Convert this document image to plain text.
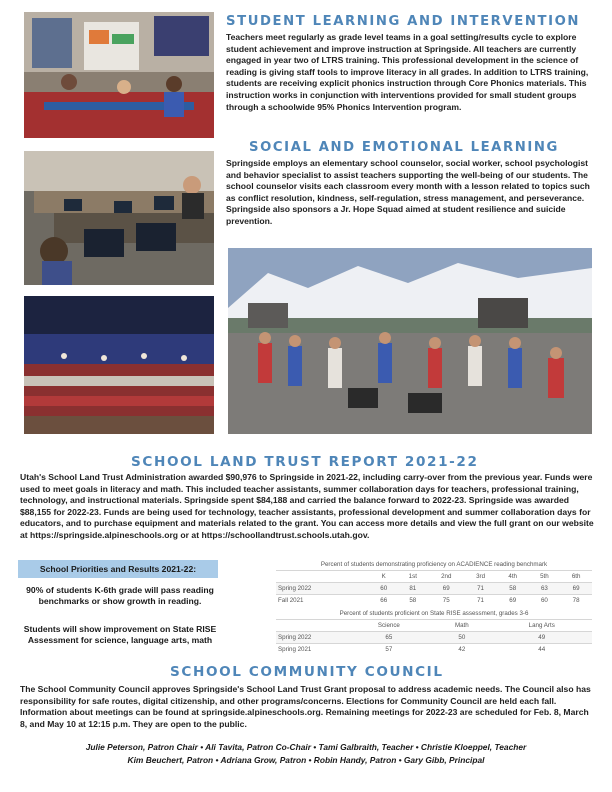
STUDENT LEARNING AND INTERVENTION
Teachers meet regularly as grade level teams in a goal setting/results cycle to explore student achievement and improve instruction at Springside. All teachers are currently engaged in year two of LTRS training. This professional development in the science of reading is giving staff tools to improve literacy in all grades. In addition to LTRS training, students are receiving explicit phonics instruction through Core Phonics materials. This instruction works in conjunction with interventions provided for small student groups through a schoolwide 95% Phonics Intervention program.
SOCIAL AND EMOTIONAL LEARNING
Springside employs an elementary school counselor, social worker, school psychologist and behavior specialist to assist teachers supporting the well-being of our students. The school counselor visits each classroom every month with a lesson related to topics such as conflict resolution, kindness, self-regulation, stress management, and perseverance. Springside also sponsors a Jr. Hope Squad aimed at student resilience and suicide prevention.
SCHOOL LAND TRUST REPORT 2021-22
Utah's School Land Trust Administration awarded $90,976 to Springside in 2021-22, including carry-over from the previous year. Funds were used to meet goals in literacy and math. This included teacher assistants, summer collaboration days for teachers, professional training, technology, and instructional materials. Springside spent $84,188 and carried the balance forward to 2022-23. Springside was awarded $88,155 for 2022-23. Funds are being used for technology, teacher assistants, professional development and summer collaboration days for educators, and to purchase equipment and materials related to the grant. You can access more details and view the full grant on our website at https://springside.alpineschools.org or at https://schoollandtrust.schools.utah.gov.
School Priorities and Results 2021-22:
90% of students K-6th grade will pass reading benchmarks or show growth in reading.
Students will show improvement on State RISE Assessment for science, language arts, math
Percent of students demonstrating proficiency on ACADIENCE reading benchmark
	K	1st	2nd	3rd	4th	5th	6th
Spring 2022	60	81	69	71	58	63	69
Fall 2021	66	58	75	71	69	60	78
Percent of students proficient on State RISE assessment, grades 3-6
	Science	Math	Lang Arts
Spring 2022	65	50	49
Spring 2021	57	42	44
SCHOOL COMMUNITY COUNCIL
The School Community Council approves Springside's School Land Trust Grant proposal to address academic needs. The Council also has responsibility for safe routes, digital citizenship, and other programs/concerns. Elections for Community Council are held each fall. Information about meetings can be found at springside.alpineschools.org. Remaining meetings for 2022-23 are scheduled for Feb. 8, March 8, and May 10 at 12:15 p.m. They are open to the public.
Julie Peterson, Patron Chair • Ali Tavita, Patron Co-Chair • Tami Galbraith, Teacher • Christie Kloeppel, Teacher
Kim Beuchert, Patron • Adriana Grow, Patron • Robin Handy, Patron • Gary Gibb, Principal
